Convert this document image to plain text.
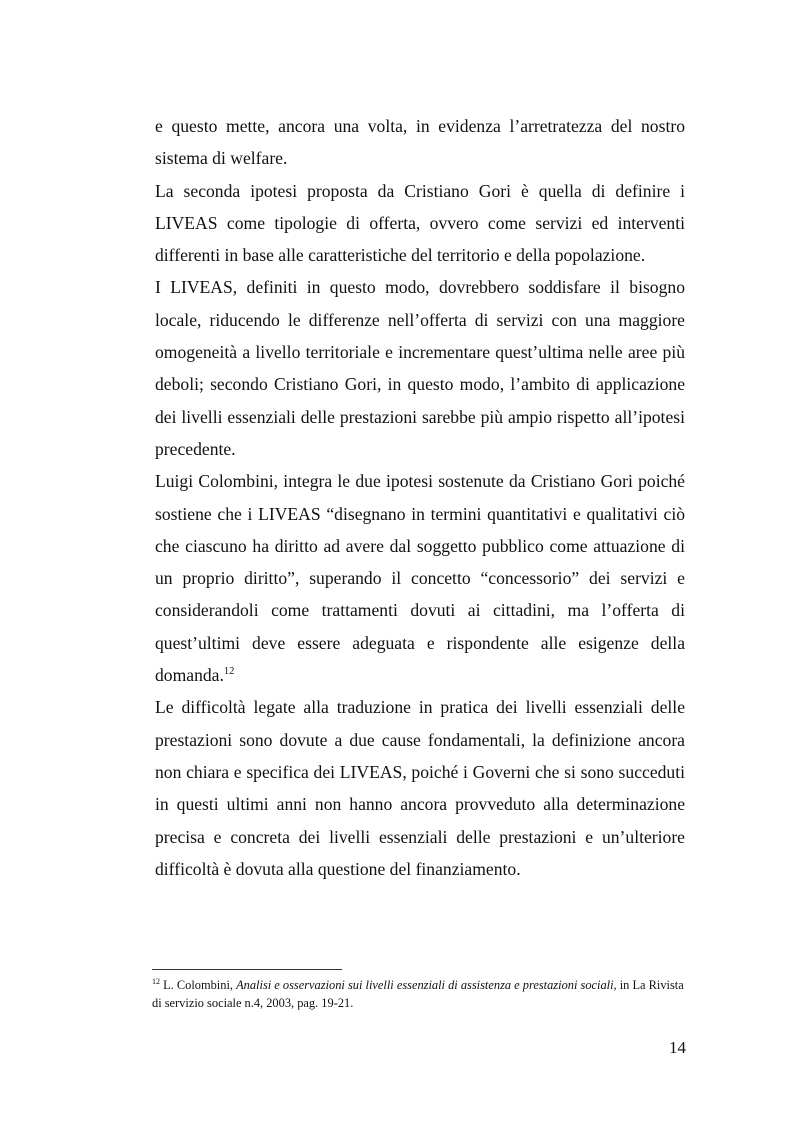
e questo mette, ancora una volta, in evidenza l’arretratezza del nostro sistema di welfare.

La seconda ipotesi proposta da Cristiano Gori è quella di definire i LIVEAS come tipologie di offerta, ovvero come servizi ed interventi differenti in base alle caratteristiche del territorio e della popolazione.

I LIVEAS, definiti in questo modo, dovrebbero soddisfare il bisogno locale, riducendo le differenze nell’offerta di servizi con una maggiore omogeneità a livello territoriale e incrementare quest’ultima nelle aree più deboli; secondo Cristiano Gori, in questo modo, l’ambito di applicazione dei livelli essenziali delle prestazioni sarebbe più ampio rispetto all’ipotesi precedente.

Luigi Colombini, integra le due ipotesi sostenute da Cristiano Gori poiché sostiene che i LIVEAS “disegnano in termini quantitativi e qualitativi ciò che ciascuno ha diritto ad avere dal soggetto pubblico come attuazione di un proprio diritto”, superando il concetto “concessorio” dei servizi e considerandoli come trattamenti dovuti ai cittadini, ma l’offerta di quest’ultimi deve essere adeguata e rispondente alle esigenze della domanda.$^{12}$

Le difficoltà legate alla traduzione in pratica dei livelli essenziali delle prestazioni sono dovute a due cause fondamentali, la definizione ancora non chiara e specifica dei LIVEAS, poiché i Governi che si sono succeduti in questi ultimi anni non hanno ancora provveduto alla determinazione precisa e concreta dei livelli essenziali delle prestazioni e un’ulteriore difficoltà è dovuta alla questione del finanziamento.

$^{12}$ L. Colombini, Analisi e osservazioni sui livelli essenziali di assistenza e prestazioni sociali, in La Rivista di servizio sociale n.4, 2003, pag. 19-21.
14
